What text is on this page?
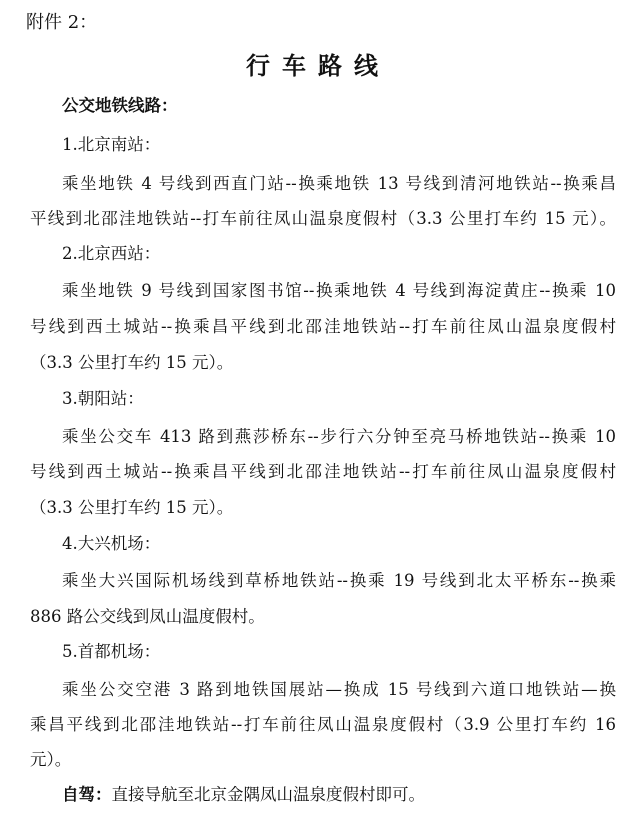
附件 2：
行车路线
公交地铁线路：
1.北京南站：
乘坐地铁 4 号线到西直门站--换乘地铁 13 号线到清河地铁站--换乘昌
平线到北邵洼地铁站--打车前往凤山温泉度假村（3.3 公里打车约 15 元）。
2.北京西站：
乘坐地铁 9 号线到国家图书馆--换乘地铁 4 号线到海淀黄庄--换乘 10
号线到西土城站--换乘昌平线到北邵洼地铁站--打车前往凤山温泉度假村
（3.3 公里打车约 15 元）。
3.朝阳站：
乘坐公交车 413 路到燕莎桥东--步行六分钟至亮马桥地铁站--换乘 10
号线到西土城站--换乘昌平线到北邵洼地铁站--打车前往凤山温泉度假村
（3.3 公里打车约 15 元）。
4.大兴机场：
乘坐大兴国际机场线到草桥地铁站--换乘 19 号线到北太平桥东--换乘
886 路公交线到凤山温度假村。
5.首都机场：
乘坐公交空港 3 路到地铁国展站—换成 15 号线到六道口地铁站—换
乘昌平线到北邵洼地铁站--打车前往凤山温泉度假村（3.9 公里打车约 16
元）。
自驾：直接导航至北京金隅凤山温泉度假村即可。
